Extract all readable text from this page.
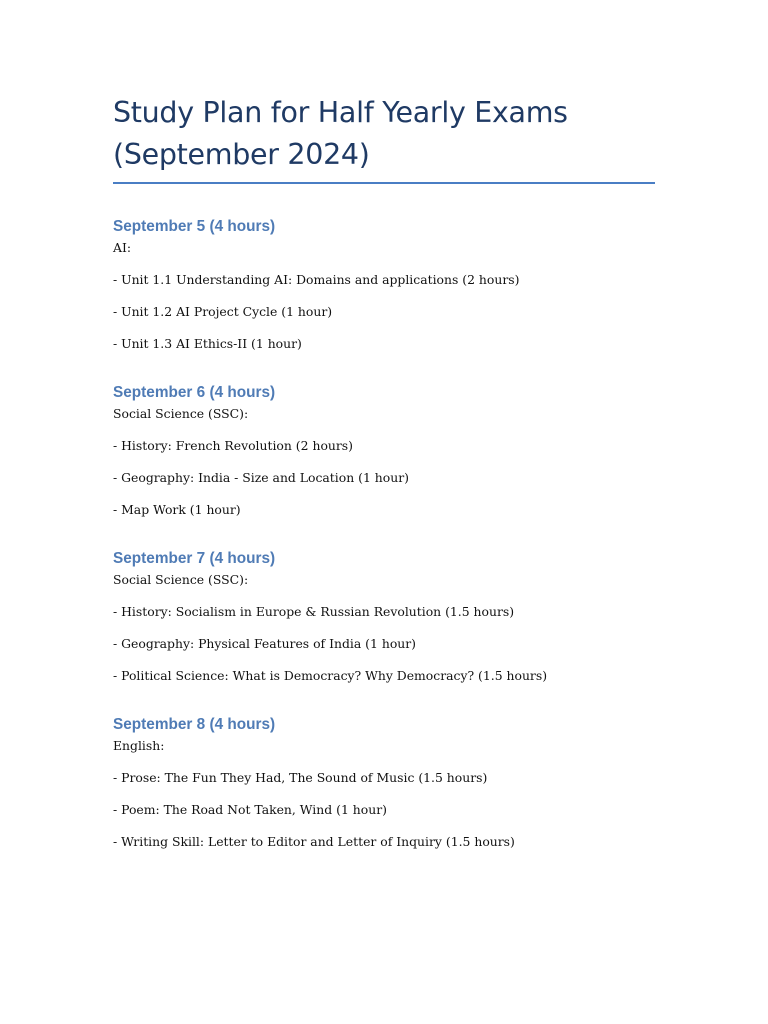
Study Plan for Half Yearly Exams
(September 2024)
September 5 (4 hours)

AI:

- Unit 1.1 Understanding AI: Domains and applications (2 hours)

- Unit 1.2 AI Project Cycle (1 hour)

- Unit 1.3 AI Ethics-II (1 hour)

September 6 (4 hours)

Social Science (SSC):

- History: French Revolution (2 hours)

- Geography: India - Size and Location (1 hour)

- Map Work (1 hour)

September 7 (4 hours)

Social Science (SSC):

- History: Socialism in Europe & Russian Revolution (1.5 hours)

- Geography: Physical Features of India (1 hour)

- Political Science: What is Democracy? Why Democracy? (1.5 hours)

September 8 (4 hours)

English:

- Prose: The Fun They Had, The Sound of Music (1.5 hours)

- Poem: The Road Not Taken, Wind (1 hour)

- Writing Skill: Letter to Editor and Letter of Inquiry (1.5 hours)
